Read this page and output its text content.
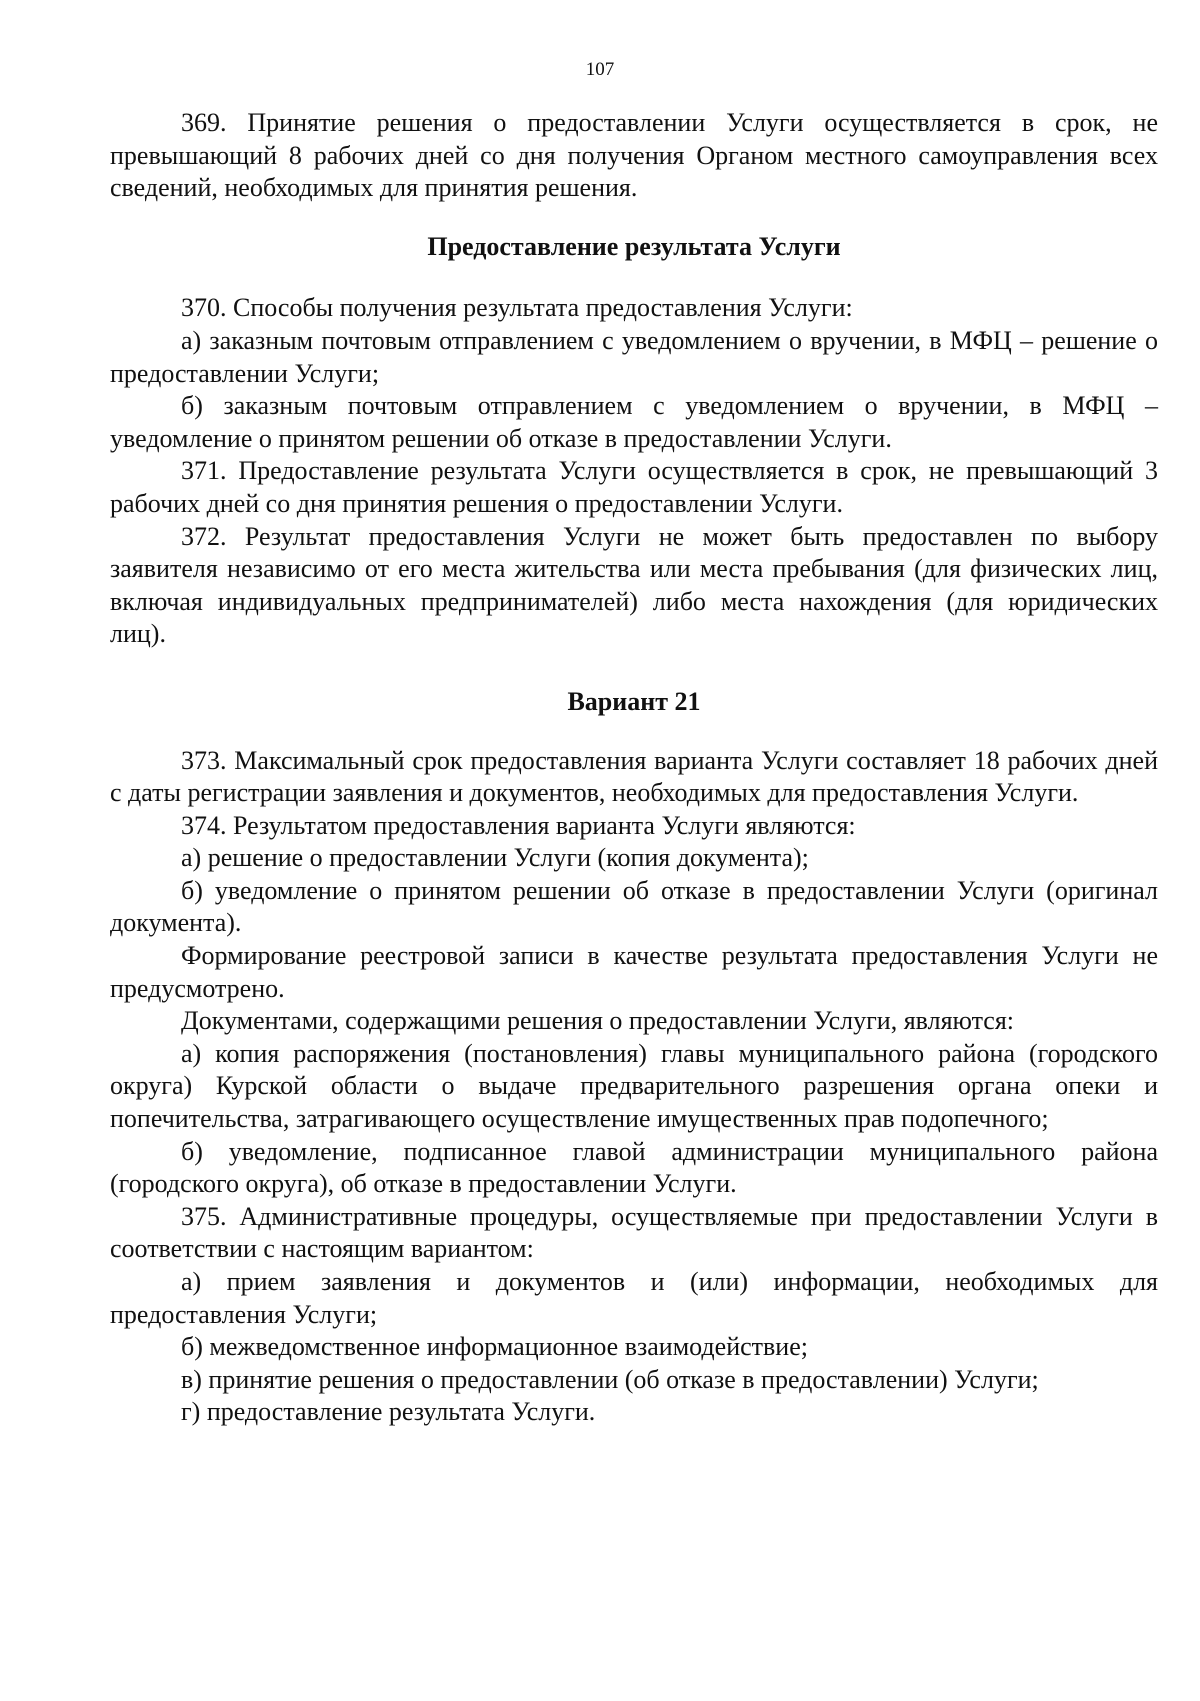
107

369. Принятие решения о предоставлении Услуги осуществляется в срок, не превышающий 8 рабочих дней со дня получения Органом местного самоуправления всех сведений, необходимых для принятия решения.

Предоставление результата Услуги

370. Способы получения результата предоставления Услуги:

а) заказным почтовым отправлением с уведомлением о вручении, в МФЦ – решение о предоставлении Услуги;

б) заказным почтовым отправлением с уведомлением о вручении, в МФЦ – уведомление о принятом решении об отказе в предоставлении Услуги.

371. Предоставление результата Услуги осуществляется в срок, не превышающий 3 рабочих дней со дня принятия решения о предоставлении Услуги.

372. Результат предоставления Услуги не может быть предоставлен по выбору заявителя независимо от его места жительства или места пребывания (для физических лиц, включая индивидуальных предпринимателей) либо места нахождения (для юридических лиц).

Вариант 21

373. Максимальный срок предоставления варианта Услуги составляет 18 рабочих дней с даты регистрации заявления и документов, необходимых для предоставления Услуги.

374. Результатом предоставления варианта Услуги являются:

а) решение о предоставлении Услуги (копия документа);

б) уведомление о принятом решении об отказе в предоставлении Услуги (оригинал документа).

Формирование реестровой записи в качестве результата предоставления Услуги не предусмотрено.

Документами, содержащими решения о предоставлении Услуги, являются:

а) копия распоряжения (постановления) главы муниципального района (городского округа) Курской области о выдаче предварительного разрешения органа опеки и попечительства, затрагивающего осуществление имущественных прав подопечного;

б) уведомление, подписанное главой администрации муниципального района (городского округа), об отказе в предоставлении Услуги.

375. Административные процедуры, осуществляемые при предоставлении Услуги в соответствии с настоящим вариантом:

а) прием заявления и документов и (или) информации, необходимых для предоставления Услуги;

б) межведомственное информационное взаимодействие;

в) принятие решения о предоставлении (об отказе в предоставлении) Услуги;

г) предоставление результата Услуги.
